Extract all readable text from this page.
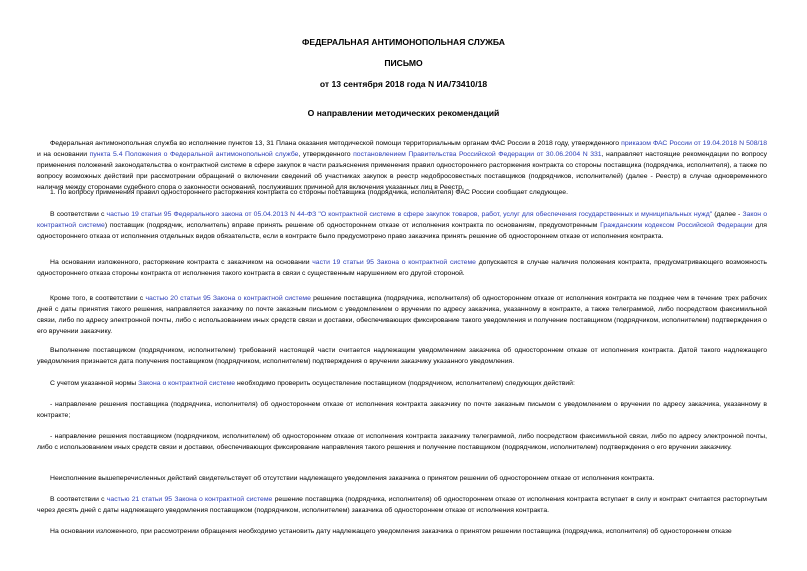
ФЕДЕРАЛЬНАЯ АНТИМОНОПОЛЬНАЯ СЛУЖБА
ПИСЬМО
от 13 сентября 2018 года N ИА/73410/18
О направлении методических рекомендаций
Федеральная антимонопольная служба во исполнение пунктов 13, 31 Плана оказания методической помощи территориальным органам ФАС России в 2018 году, утвержденного приказом ФАС России от 19.04.2018 N 508/18 и на основании пункта 5.4 Положения о Федеральной антимонопольной службе, утвержденного постановлением Правительства Российской Федерации от 30.06.2004 N 331, направляет настоящие рекомендации по вопросу применения положений законодательства о контрактной системе в сфере закупок в части разъяснения применения правил одностороннего расторжения контракта со стороны поставщика (подрядчика, исполнителя), а также по вопросу возможных действий при рассмотрении обращений о включении сведений об участниках закупок в реестр недобросовестных поставщиков (подрядчиков, исполнителей) (далее - Реестр) в случае одновременного наличия между сторонами судебного спора о законности оснований, послуживших причиной для включения указанных лиц в Реестр.
1. По вопросу применения правил одностороннего расторжения контракта со стороны поставщика (подрядчика, исполнителя) ФАС России сообщает следующее.
В соответствии с частью 19 статьи 95 Федерального закона от 05.04.2013 N 44-ФЗ "О контрактной системе в сфере закупок товаров, работ, услуг для обеспечения государственных и муниципальных нужд" (далее - Закон о контрактной системе) поставщик (подрядчик, исполнитель) вправе принять решение об одностороннем отказе от исполнения контракта по основаниям, предусмотренным Гражданским кодексом Российской Федерации для одностороннего отказа от исполнения отдельных видов обязательств, если в контракте было предусмотрено право заказчика принять решение об одностороннем отказе от исполнения контракта.
На основании изложенного, расторжение контракта с заказчиком на основании части 19 статьи 95 Закона о контрактной системе допускается в случае наличия положения контракта, предусматривающего возможность одностороннего отказа стороны контракта от исполнения такого контракта в связи с существенным нарушением его другой стороной.
Кроме того, в соответствии с частью 20 статьи 95 Закона о контрактной системе решение поставщика (подрядчика, исполнителя) об одностороннем отказе от исполнения контракта не позднее чем в течение трех рабочих дней с даты принятия такого решения, направляется заказчику по почте заказным письмом с уведомлением о вручении по адресу заказчика, указанному в контракте, а также телеграммой, либо посредством факсимильной связи, либо по адресу электронной почты, либо с использованием иных средств связи и доставки, обеспечивающих фиксирование такого уведомления и получение поставщиком (подрядчиком, исполнителем) подтверждения о его вручении заказчику.
Выполнение поставщиком (подрядчиком, исполнителем) требований настоящей части считается надлежащим уведомлением заказчика об одностороннем отказе от исполнения контракта. Датой такого надлежащего уведомления признается дата получения поставщиком (подрядчиком, исполнителем) подтверждения о вручении заказчику указанного уведомления.
С учетом указанной нормы Закона о контрактной системе необходимо проверить осуществление поставщиком (подрядчиком, исполнителем) следующих действий:
- направление решения поставщика (подрядчика, исполнителя) об одностороннем отказе от исполнения контракта заказчику по почте заказным письмом с уведомлением о вручении по адресу заказчика, указанному в контракте;
- направление решения поставщиком (подрядчиком, исполнителем) об одностороннем отказе от исполнения контракта заказчику телеграммой, либо посредством факсимильной связи, либо по адресу электронной почты, либо с использованием иных средств связи и доставки, обеспечивающих фиксирование направления такого решения и получение поставщиком (подрядчиком, исполнителем) подтверждения о его вручении заказчику.
Неисполнение вышеперечисленных действий свидетельствует об отсутствии надлежащего уведомления заказчика о принятом решении об одностороннем отказе от исполнения контракта.
В соответствии с частью 21 статьи 95 Закона о контрактной системе решение поставщика (подрядчика, исполнителя) об одностороннем отказе от исполнения контракта вступает в силу и контракт считается расторгнутым через десять дней с даты надлежащего уведомления поставщиком (подрядчиком, исполнителем) заказчика об одностороннем отказе от исполнения контракта.
На основании изложенного, при рассмотрении обращения необходимо установить дату надлежащего уведомления заказчика о принятом решении поставщика (подрядчика, исполнителя) об одностороннем отказе
